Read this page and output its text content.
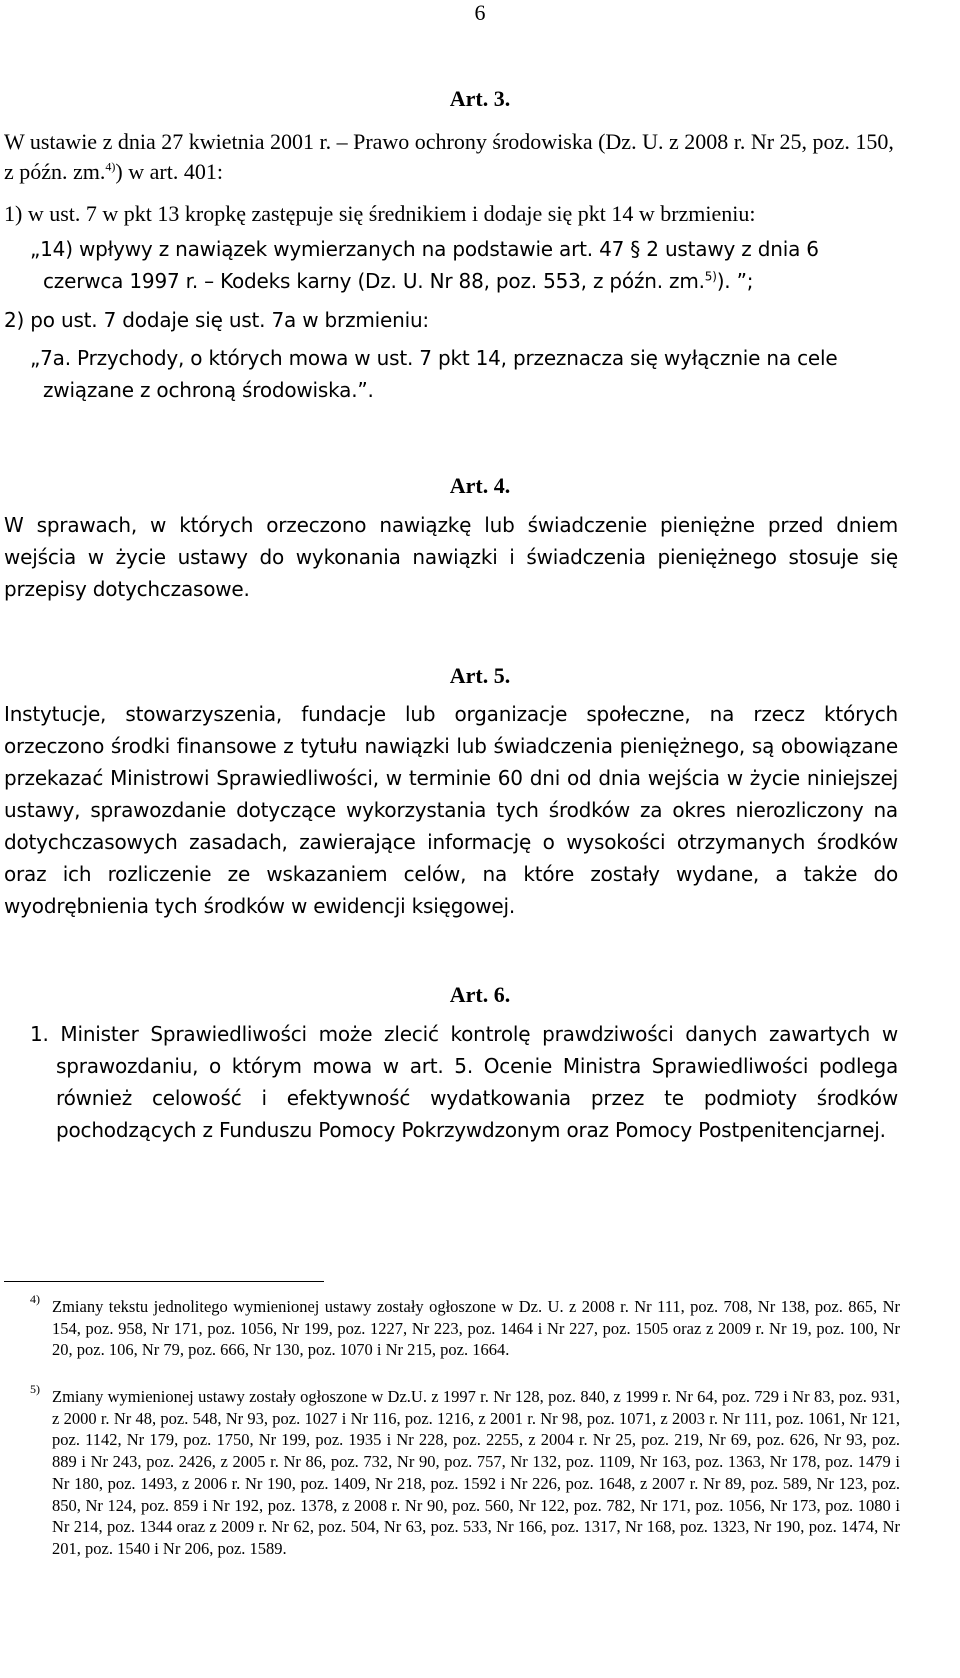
6
Art. 3.
W ustawie z dnia 27 kwietnia 2001 r. – Prawo ochrony środowiska (Dz. U. z 2008 r. Nr 25, poz. 150, z późn. zm.$^{4)}$) w art. 401:
1) w ust. 7 w pkt 13 kropkę zastępuje się średnikiem i dodaje się pkt 14 w brzmieniu:
„14) wpływy z nawiązek wymierzanych na podstawie art. 47 § 2 ustawy z dnia 6 czerwca 1997 r. – Kodeks karny (Dz. U. Nr 88, poz. 553, z późn. zm.$^{5)}$). ”;
2) po ust. 7 dodaje się ust. 7a w brzmieniu:
„7a. Przychody, o których mowa w ust. 7 pkt 14, przeznacza się wyłącznie na cele związane z ochroną środowiska.”.
Art. 4.
W sprawach, w których orzeczono nawiązkę lub świadczenie pieniężne przed dniem wejścia w życie ustawy do wykonania nawiązki i świadczenia pieniężnego stosuje się przepisy dotychczasowe.
Art. 5.
Instytucje, stowarzyszenia, fundacje lub organizacje społeczne, na rzecz których orzeczono środki finansowe z tytułu nawiązki lub świadczenia pieniężnego, są obowiązane przekazać Ministrowi Sprawiedliwości, w terminie 60 dni od dnia wejścia w życie niniejszej ustawy, sprawozdanie dotyczące wykorzystania tych środków za okres nierozliczony na dotychczasowych zasadach, zawierające informację o wysokości otrzymanych środków oraz ich rozliczenie ze wskazaniem celów, na które zostały wydane, a także do wyodrębnienia tych środków w ewidencji księgowej.
Art. 6.
1. Minister Sprawiedliwości może zlecić kontrolę prawdziwości danych zawartych w sprawozdaniu, o którym mowa w art. 5. Ocenie Ministra Sprawiedliwości podlega również celowość i efektywność wydatkowania przez te podmioty środków pochodzących z Funduszu Pomocy Pokrzywdzonym oraz Pomocy Postpenitencjarnej.
4) Zmiany tekstu jednolitego wymienionej ustawy zostały ogłoszone w Dz. U. z 2008 r. Nr 111, poz. 708, Nr 138, poz. 865, Nr 154, poz. 958, Nr 171, poz. 1056, Nr 199, poz. 1227, Nr 223, poz. 1464 i Nr 227, poz. 1505 oraz z 2009 r. Nr 19, poz. 100, Nr 20, poz. 106, Nr 79, poz. 666, Nr 130, poz. 1070 i Nr 215, poz. 1664.
5) Zmiany wymienionej ustawy zostały ogłoszone w Dz.U. z 1997 r. Nr 128, poz. 840, z 1999 r. Nr 64, poz. 729 i Nr 83, poz. 931, z 2000 r. Nr 48, poz. 548, Nr 93, poz. 1027 i Nr 116, poz. 1216, z 2001 r. Nr 98, poz. 1071, z 2003 r. Nr 111, poz. 1061, Nr 121, poz. 1142, Nr 179, poz. 1750, Nr 199, poz. 1935 i Nr 228, poz. 2255, z 2004 r. Nr 25, poz. 219, Nr 69, poz. 626, Nr 93, poz. 889 i Nr 243, poz. 2426, z 2005 r. Nr 86, poz. 732, Nr 90, poz. 757, Nr 132, poz. 1109, Nr 163, poz. 1363, Nr 178, poz. 1479 i Nr 180, poz. 1493, z 2006 r. Nr 190, poz. 1409, Nr 218, poz. 1592 i Nr 226, poz. 1648, z 2007 r. Nr 89, poz. 589, Nr 123, poz. 850, Nr 124, poz. 859 i Nr 192, poz. 1378, z 2008 r. Nr 90, poz. 560, Nr 122, poz. 782, Nr 171, poz. 1056, Nr 173, poz. 1080 i Nr 214, poz. 1344 oraz z 2009 r. Nr 62, poz. 504, Nr 63, poz. 533, Nr 166, poz. 1317, Nr 168, poz. 1323, Nr 190, poz. 1474, Nr 201, poz. 1540 i Nr 206, poz. 1589.
